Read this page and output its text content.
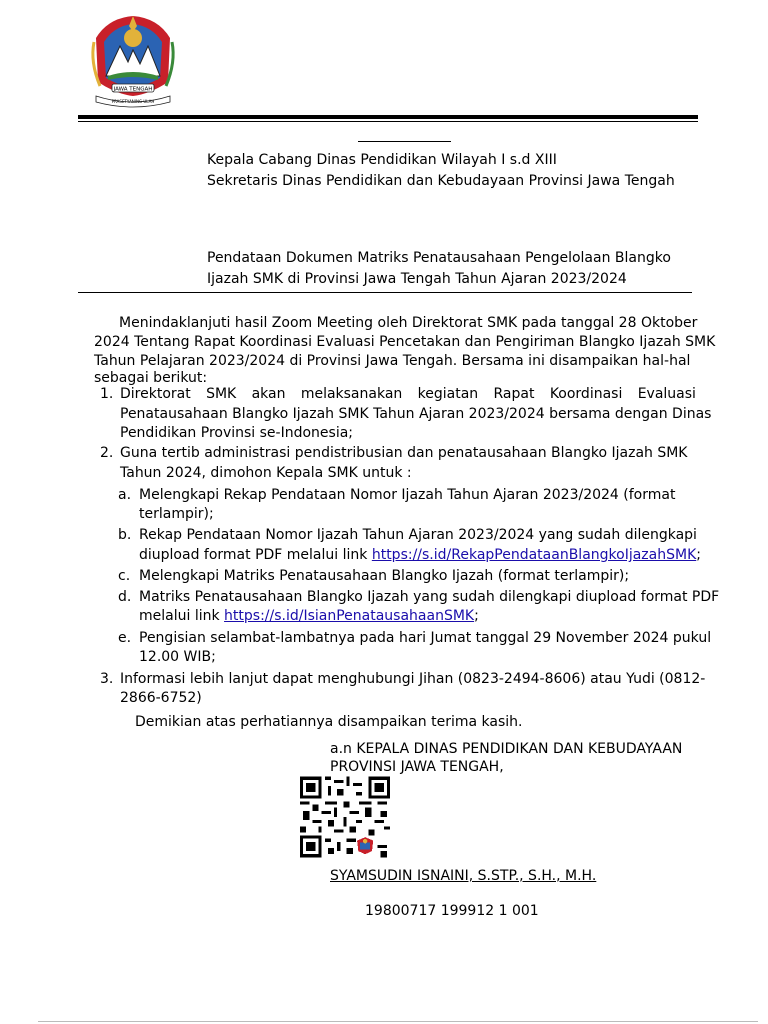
JAWA TENGAH
PRASETYANING ULAH
Kepala Cabang Dinas Pendidikan Wilayah I s.d XIII
Sekretaris Dinas Pendidikan dan Kebudayaan Provinsi Jawa Tengah
Pendataan Dokumen Matriks Penatausahaan Pengelolaan Blangko
Ijazah SMK di Provinsi Jawa Tengah Tahun Ajaran 2023/2024
Menindaklanjuti hasil Zoom Meeting oleh Direktorat SMK pada tanggal 28 Oktober
2024 Tentang Rapat Koordinasi Evaluasi Pencetakan dan Pengiriman Blangko Ijazah SMK
Tahun Pelajaran 2023/2024 di Provinsi Jawa Tengah. Bersama ini disampaikan hal-hal
sebagai berikut:
1. Direktorat SMK akan melaksanakan kegiatan Rapat Koordinasi Evaluasi
Penatausahaan Blangko Ijazah SMK Tahun Ajaran 2023/2024 bersama dengan Dinas
Pendidikan Provinsi se-Indonesia;
2. Guna tertib administrasi pendistribusian dan penatausahaan Blangko Ijazah SMK
Tahun 2024, dimohon Kepala SMK untuk :
a. Melengkapi Rekap Pendataan Nomor Ijazah Tahun Ajaran 2023/2024 (format
terlampir);
b. Rekap Pendataan Nomor Ijazah Tahun Ajaran 2023/2024 yang sudah dilengkapi
diupload format PDF melalui link https://s.id/RekapPendataanBlangkoIjazahSMK;
c. Melengkapi Matriks Penatausahaan Blangko Ijazah (format terlampir);
d. Matriks Penatausahaan Blangko Ijazah yang sudah dilengkapi diupload format PDF
melalui link https://s.id/IsianPenatausahaanSMK;
e. Pengisian selambat-lambatnya pada hari Jumat tanggal 29 November 2024 pukul
12.00 WIB;
3. Informasi lebih lanjut dapat menghubungi Jihan (0823-2494-8606) atau Yudi (0812-
2866-6752)
Demikian atas perhatiannya disampaikan terima kasih.
a.n KEPALA DINAS PENDIDIKAN DAN KEBUDAYAAN
PROVINSI JAWA TENGAH,
SYAMSUDIN ISNAINI, S.STP., S.H., M.H.
19800717 199912 1 001
